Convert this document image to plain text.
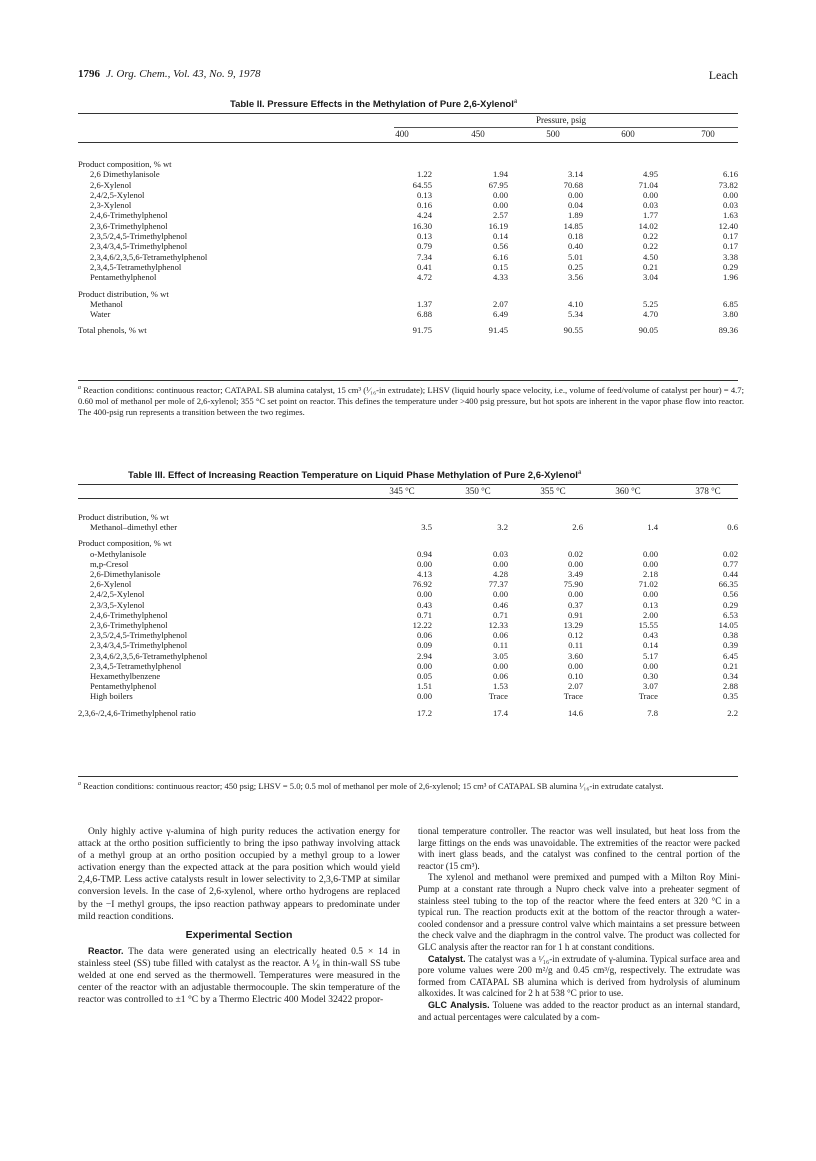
1796 J. Org. Chem., Vol. 43, No. 9, 1978	Leach
Table II. Pressure Effects in the Methylation of Pure 2,6-Xylenol$^a$
Pressure, psig
400	450	500	600	700
Product composition, % wt					
2,6 Dimethylanisole	1.22	1.94	3.14	4.95	6.16
2,6-Xylenol	64.55	67.95	70.68	71.04	73.82
2,4/2,5-Xylenol	0.13	0.00	0.00	0.00	0.00
2,3-Xylenol	0.16	0.00	0.04	0.03	0.03
2,4,6-Trimethylphenol	4.24	2.57	1.89	1.77	1.63
2,3,6-Trimethylphenol	16.30	16.19	14.85	14.02	12.40
2,3,5/2,4,5-Trimethylphenol	0.13	0.14	0.18	0.22	0.17
2,3,4/3,4,5-Trimethylphenol	0.79	0.56	0.40	0.22	0.17
2,3,4,6/2,3,5,6-Tetramethylphenol	7.34	6.16	5.01	4.50	3.38
2,3,4,5-Tetramethylphenol	0.41	0.15	0.25	0.21	0.29
Pentamethylphenol	4.72	4.33	3.56	3.04	1.96

Product distribution, % wt					
Methanol	1.37	2.07	4.10	5.25	6.85
Water	6.88	6.49	5.34	4.70	3.80

Total phenols, % wt	91.75	91.45	90.55	90.05	89.36
$^a$ Reaction conditions: continuous reactor; CATAPAL SB alumina catalyst, 15 cm³ (¹⁄₁₆-in extrudate); LHSV (liquid hourly space velocity, i.e., volume of feed/volume of catalyst per hour) = 4.7; 0.60 mol of methanol per mole of 2,6-xylenol; 355 °C set point on reactor. This defines the temperature under >400 psig pressure, but hot spots are inherent in the vapor phase flow into reactor. The 400-psig run represents a transition between the two regimes.
Table III. Effect of Increasing Reaction Temperature on Liquid Phase Methylation of Pure 2,6-Xylenol$^a$
345 °C	350 °C	355 °C	360 °C	378 °C
Product distribution, % wt					
Methanol–dimethyl ether	3.5	3.2	2.6	1.4	0.6

Product composition, % wt					
o-Methylanisole	0.94	0.03	0.02	0.00	0.02
m,p-Cresol	0.00	0.00	0.00	0.00	0.77
2,6-Dimethylanisole	4.13	4.28	3.49	2.18	0.44
2,6-Xylenol	76.92	77.37	75.90	71.02	66.35
2,4/2,5-Xylenol	0.00	0.00	0.00	0.00	0.56
2,3/3,5-Xylenol	0.43	0.46	0.37	0.13	0.29
2,4,6-Trimethylphenol	0.71	0.71	0.91	2.00	6.53
2,3,6-Trimethylphenol	12.22	12.33	13.29	15.55	14.05
2,3,5/2,4,5-Trimethylphenol	0.06	0.06	0.12	0.43	0.38
2,3,4/3,4,5-Trimethylphenol	0.09	0.11	0.11	0.14	0.39
2,3,4,6/2,3,5,6-Tetramethylphenol	2.94	3.05	3.60	5.17	6.45
2,3,4,5-Tetramethylphenol	0.00	0.00	0.00	0.00	0.21
Hexamethylbenzene	0.05	0.06	0.10	0.30	0.34
Pentamethylphenol	1.51	1.53	2.07	3.07	2.88
High boilers	0.00	Trace	Trace	Trace	0.35

2,3,6-/2,4,6-Trimethylphenol ratio	17.2	17.4	14.6	7.8	2.2
$^a$ Reaction conditions: continuous reactor; 450 psig; LHSV = 5.0; 0.5 mol of methanol per mole of 2,6-xylenol; 15 cm³ of CATAPAL SB alumina ¹⁄₁₆-in extrudate catalyst.

Only highly active γ-alumina of high purity reduces the activation energy for attack at the ortho position sufficiently to bring the ipso pathway involving attack of a methyl group at an ortho position occupied by a methyl group to a lower activation energy than the expected attack at the para position which would yield 2,4,6-TMP. Less active catalysts result in lower selectivity to 2,3,6-TMP at similar conversion levels. In the case of 2,6-xylenol, where ortho hydrogens are replaced by the −I methyl groups, the ipso reaction pathway appears to predominate under mild reaction conditions.

Experimental Section

Reactor. The data were generated using an electrically heated 0.5 × 14 in stainless steel (SS) tube filled with catalyst as the reactor. A ¹⁄₈ in thin-wall SS tube welded at one end served as the thermowell. Temperatures were measured in the center of the reactor with an adjustable thermocouple. The skin temperature of the reactor was controlled to ±1 °C by a Thermo Electric 400 Model 32422 propor-

tional temperature controller. The reactor was well insulated, but heat loss from the large fittings on the ends was unavoidable. The extremities of the reactor were packed with inert glass beads, and the catalyst was confined to the central portion of the reactor (15 cm³).

The xylenol and methanol were premixed and pumped with a Milton Roy Mini-Pump at a constant rate through a Nupro check valve into a preheater segment of stainless steel tubing to the top of the reactor where the feed enters at 320 °C in a typical run. The reaction products exit at the bottom of the reactor through a water-cooled condensor and a pressure control valve which maintains a set pressure between the check valve and the diaphragm in the control valve. The product was collected for GLC analysis after the reactor ran for 1 h at constant conditions.

Catalyst. The catalyst was a ¹⁄₁₆-in extrudate of γ-alumina. Typical surface area and pore volume values were 200 m²/g and 0.45 cm³/g, respectively. The extrudate was formed from CATAPAL SB alumina which is derived from hydrolysis of aluminum alkoxides. It was calcined for 2 h at 538 °C prior to use.

GLC Analysis. Toluene was added to the reactor product as an internal standard, and actual percentages were calculated by a com-
